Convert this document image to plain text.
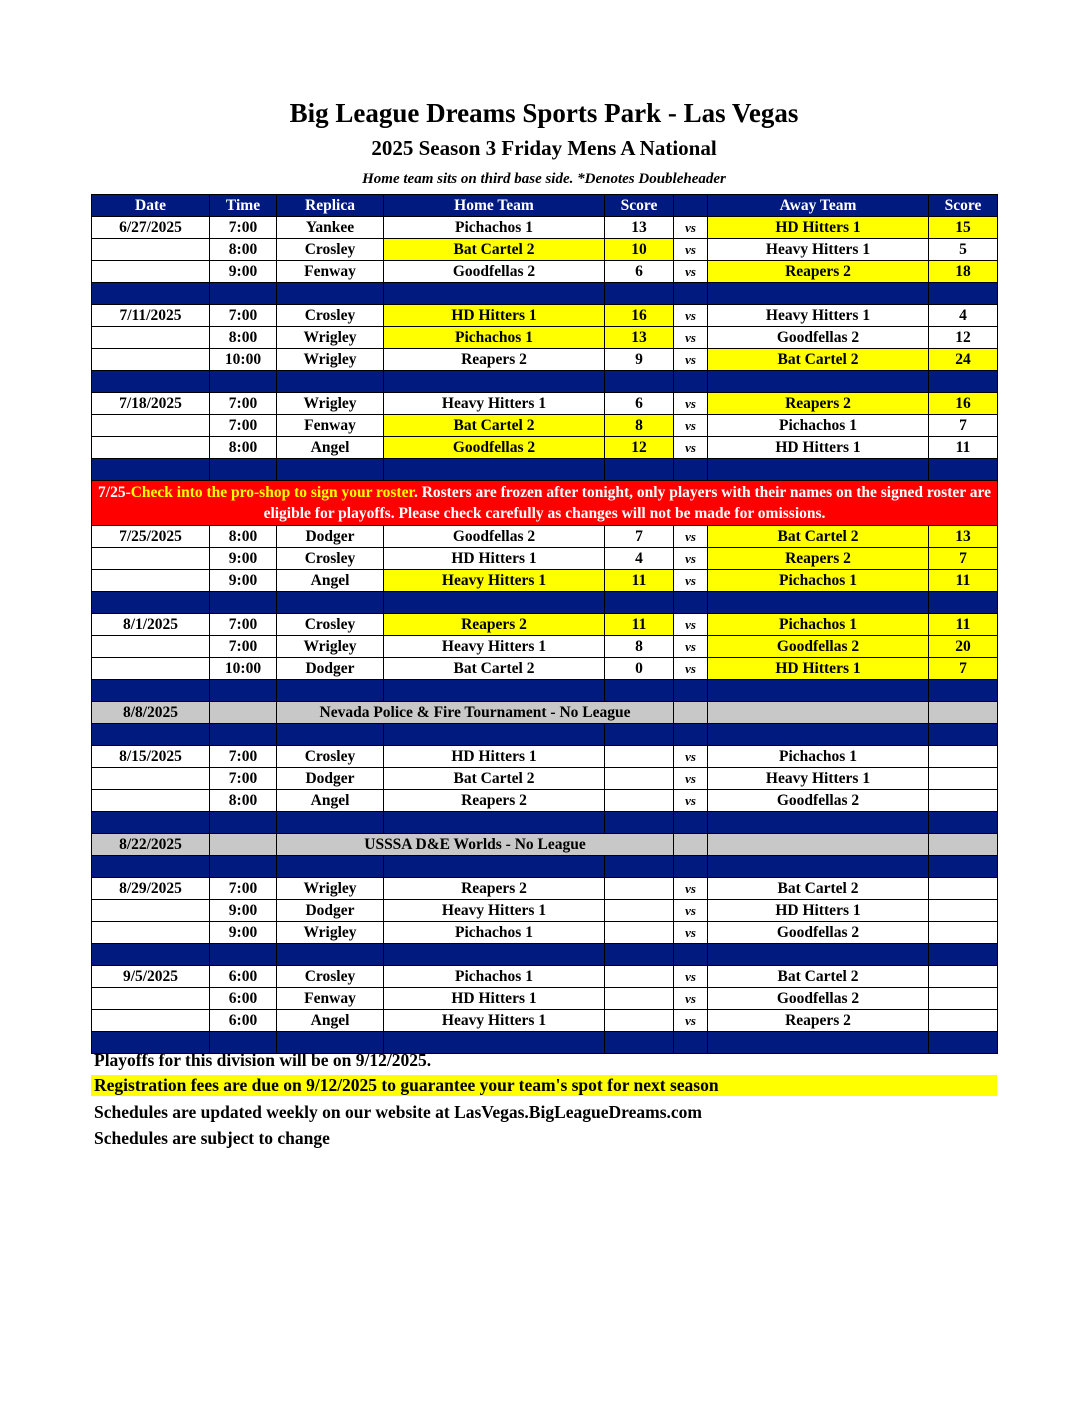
Big League Dreams Sports Park - Las Vegas
2025 Season 3 Friday Mens A National
Home team sits on third base side. *Denotes Doubleheader
Date	Time	Replica	Home Team	Score		Away Team	Score
6/27/2025	7:00	Yankee	Pichachos 1	13	vs	HD Hitters 1	15
	8:00	Crosley	Bat Cartel 2	10	vs	Heavy Hitters 1	5
	9:00	Fenway	Goodfellas 2	6	vs	Reapers 2	18

7/11/2025	7:00	Crosley	HD Hitters 1	16	vs	Heavy Hitters 1	4
	8:00	Wrigley	Pichachos 1	13	vs	Goodfellas 2	12
	10:00	Wrigley	Reapers 2	9	vs	Bat Cartel 2	24

7/18/2025	7:00	Wrigley	Heavy Hitters 1	6	vs	Reapers 2	16
	7:00	Fenway	Bat Cartel 2	8	vs	Pichachos 1	7
	8:00	Angel	Goodfellas 2	12	vs	HD Hitters 1	11

7/25-Check into the pro-shop to sign your roster. Rosters are frozen after tonight, only players with their names on the signed roster are eligible for playoffs. Please check carefully as changes will not be made for omissions.							
7/25/2025	8:00	Dodger	Goodfellas 2	7	vs	Bat Cartel 2	13
	9:00	Crosley	HD Hitters 1	4	vs	Reapers 2	7
	9:00	Angel	Heavy Hitters 1	11	vs	Pichachos 1	11

8/1/2025	7:00	Crosley	Reapers 2	11	vs	Pichachos 1	11
	7:00	Wrigley	Heavy Hitters 1	8	vs	Goodfellas 2	20
	10:00	Dodger	Bat Cartel 2	0	vs	HD Hitters 1	7

8/8/2025		Nevada Police & Fire Tournament - No League					

8/15/2025	7:00	Crosley	HD Hitters 1		vs	Pichachos 1	
	7:00	Dodger	Bat Cartel 2		vs	Heavy Hitters 1	
	8:00	Angel	Reapers 2		vs	Goodfellas 2	

8/22/2025		USSSA D&E Worlds - No League					

8/29/2025	7:00	Wrigley	Reapers 2		vs	Bat Cartel 2	
	9:00	Dodger	Heavy Hitters 1		vs	HD Hitters 1	
	9:00	Wrigley	Pichachos 1		vs	Goodfellas 2	

9/5/2025	6:00	Crosley	Pichachos 1		vs	Bat Cartel 2	
	6:00	Fenway	HD Hitters 1		vs	Goodfellas 2	
	6:00	Angel	Heavy Hitters 1		vs	Reapers 2	

Playoffs for this division will be on 9/12/2025.
Registration fees are due on 9/12/2025 to guarantee your team's spot for next season
Schedules are updated weekly on our website at LasVegas.BigLeagueDreams.com
Schedules are subject to change
